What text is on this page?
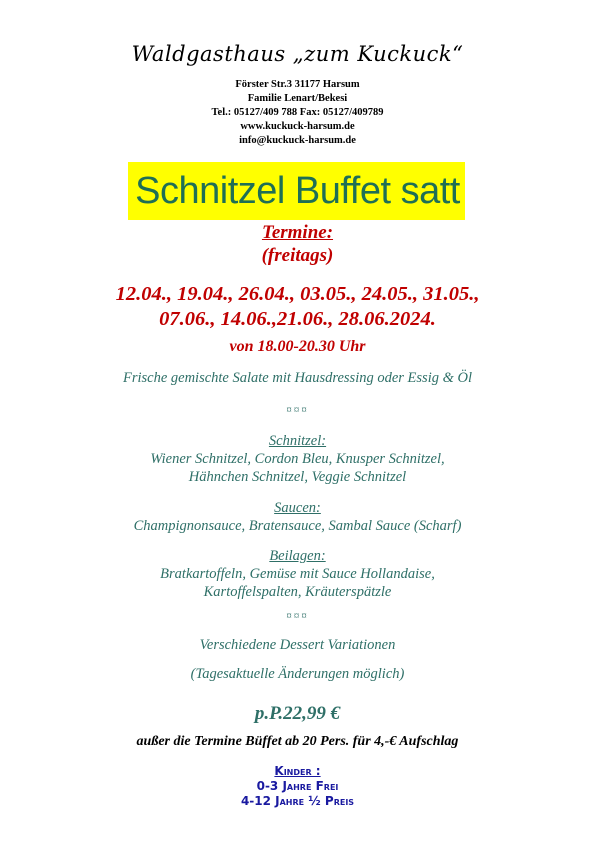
Waldgasthaus „zum Kuckuck“
Förster Str.3 31177 Harsum
Familie Lenart/Bekesi
Tel.: 05127/409 788 Fax: 05127/409789
www.kuckuck-harsum.de
info@kuckuck-harsum.de
Schnitzel Buffet satt
Termine:
(freitags)
12.04., 19.04., 26.04., 03.05., 24.05., 31.05.,
07.06., 14.06.,21.06., 28.06.2024.
von 18.00-20.30 Uhr
Frische gemischte Salate mit Hausdressing oder Essig & Öl
¤¤¤
Schnitzel:
Wiener Schnitzel, Cordon Bleu, Knusper Schnitzel,
Hähnchen Schnitzel, Veggie Schnitzel
Saucen:
Champignonsauce, Bratensauce, Sambal Sauce (Scharf)
Beilagen:
Bratkartoffeln, Gemüse mit Sauce Hollandaise,
Kartoffelspalten, Kräuterspätzle
¤¤¤
Verschiedene Dessert Variationen
(Tagesaktuelle Änderungen möglich)
p.P.22,99 €
außer die Termine Büffet ab 20 Pers. für 4,-€ Aufschlag
Kinder :
0-3 Jahre Frei
4-12 Jahre ½ Preis
